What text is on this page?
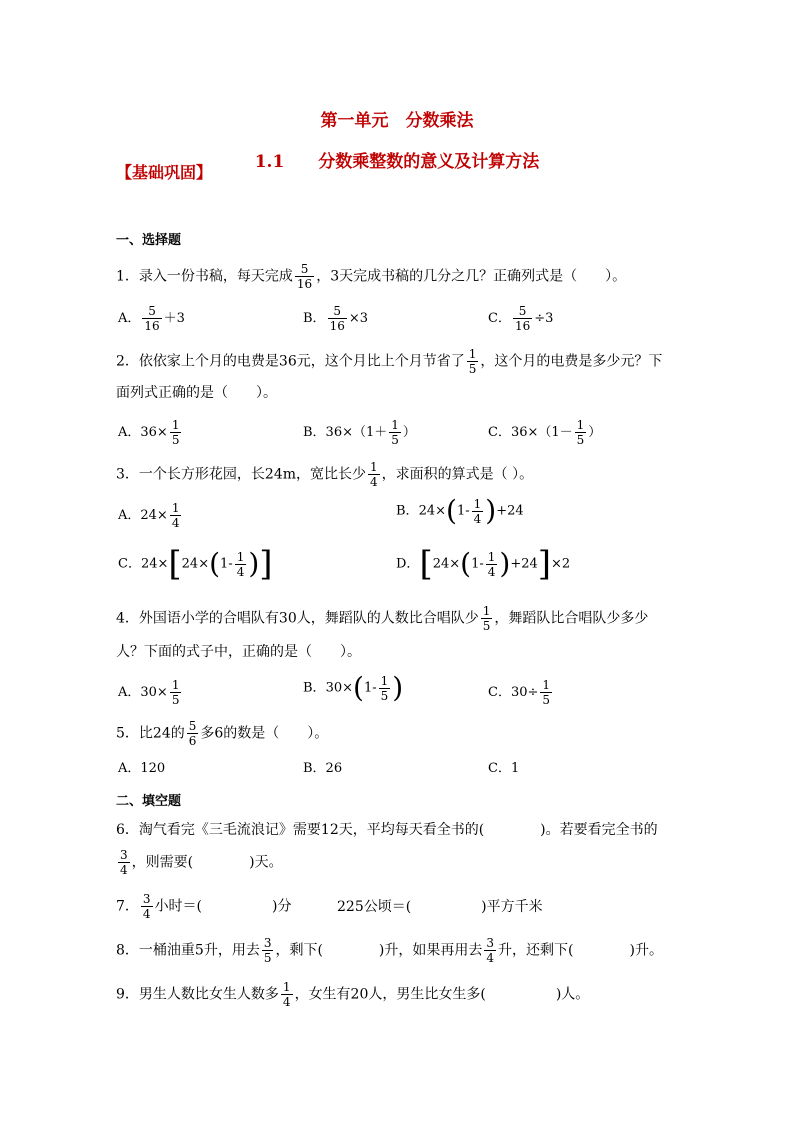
第一单元　分数乘法
1.1　　分数乘整数的意义及计算方法
【基础巩固】
一、选择题
1．录入一份书稿，每天完成 $\frac{5}{16}$ ，3天完成书稿的几分之几？正确列式是（　　）。
A． $\frac{5}{16} +3$	B． $\frac{5}{16} \times 3$	C． $\frac{5}{16} \div 3$
2．依依家上个月的电费是36元，这个月比上个月节省了 $\frac{1}{5}$ ，这个月的电费是多少元？下
面列式正确的是（　　）。
A．$36\times \frac{1}{5}$	B．$36\times(1+ \frac{1}{5}$ ）	C．$36\times(1- \frac{1}{5}$ ）
3．一个长方形花园，长24m，宽比长少 $\frac{1}{4}$ ，求面积的算式是（ ）。
A．$24\times \frac{1}{4}$	B．$24\times(1- \frac{1}{4} )+24$
C．$24\times[24\times(1- \frac{1}{4}$ )]	D．$[24\times(1- \frac{1}{4} )+24]\times 2$
4．外国语小学的合唱队有30人，舞蹈队的人数比合唱队少 $\frac{1}{5}$ ，舞蹈队比合唱队少多少
人？下面的式子中，正确的是（　　）。
A．$30\times \frac{1}{5}$	B．$30\times(1- \frac{1}{5}$ )	C．$30\div \frac{1}{5}$
5．比24的 $\frac{5}{6}$ 多6的数是（　　）。
A．120	B．26	C．1
二、填空题
6．淘气看完《三毛流浪记》需要12天，平均每天看全书的(　　　　)。若要看完全书的
$\frac{3}{4}$ ，则需要(　　　　)天。
7． $\frac{3}{4}$ 小时＝(　　　　　)分	225公顷＝(　　　　　)平方千米
8．一桶油重5升，用去 $\frac{3}{5}$ ，剩下(　　　　)升，如果再用去 $\frac{3}{4}$ 升，还剩下(　　　　)升。
9．男生人数比女生人数多 $\frac{1}{4}$ ，女生有20人，男生比女生多(　　　　　)人。
